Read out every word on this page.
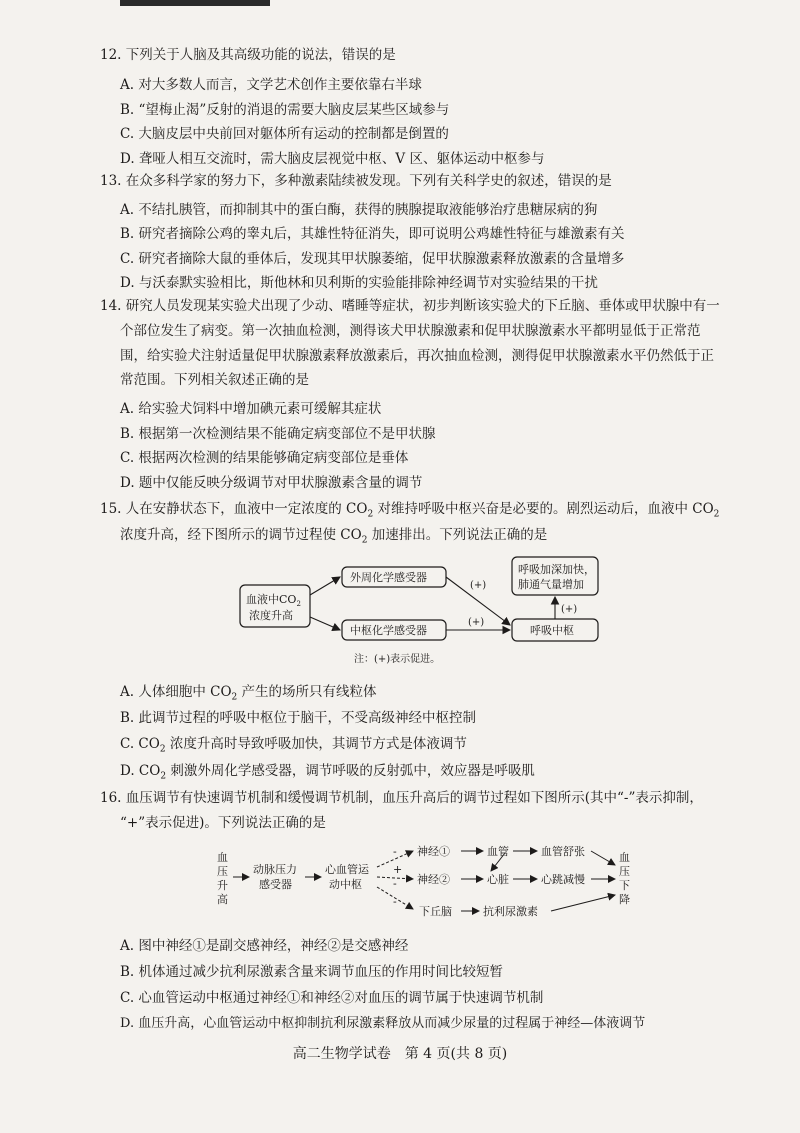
12. 下列关于人脑及其高级功能的说法，错误的是
A. 对大多数人而言，文学艺术创作主要依靠右半球
B. “望梅止渴”反射的消退的需要大脑皮层某些区域参与
C. 大脑皮层中央前回对躯体所有运动的控制都是倒置的
D. 聋哑人相互交流时，需大脑皮层视觉中枢、V 区、躯体运动中枢参与
13. 在众多科学家的努力下，多种激素陆续被发现。下列有关科学史的叙述，错误的是
A. 不结扎胰管，而抑制其中的蛋白酶，获得的胰腺提取液能够治疗患糖尿病的狗
B. 研究者摘除公鸡的睾丸后，其雄性特征消失，即可说明公鸡雄性特征与雄激素有关
C. 研究者摘除大鼠的垂体后，发现其甲状腺萎缩，促甲状腺激素释放激素的含量增多
D. 与沃泰默实验相比，斯他林和贝利斯的实验能排除神经调节对实验结果的干扰
14. 研究人员发现某实验犬出现了少动、嗜睡等症状，初步判断该实验犬的下丘脑、垂体或甲状腺中有一
个部位发生了病变。第一次抽血检测，测得该犬甲状腺激素和促甲状腺激素水平都明显低于正常范
围，给实验犬注射适量促甲状腺激素释放激素后，再次抽血检测，测得促甲状腺激素水平仍然低于正
常范围。下列相关叙述正确的是
A. 给实验犬饲料中增加碘元素可缓解其症状
B. 根据第一次检测结果不能确定病变部位不是甲状腺
C. 根据两次检测的结果能够确定病变部位是垂体
D. 题中仅能反映分级调节对甲状腺激素含量的调节
15. 人在安静状态下，血液中一定浓度的 $CO_2$ 对维持呼吸中枢兴奋是必要的。剧烈运动后，血液中 $CO_2$
浓度升高，经下图所示的调节过程使 $CO_2$ 加速排出。下列说法正确的是
血液中$CO_2$
浓度升高
外周化学感受器
中枢化学感受器
呼吸加深加快，
肺通气量增加
呼吸中枢
(+)
(+)
(+)
注：(+)表示促进。
A. 人体细胞中 $CO_2$ 产生的场所只有线粒体
B. 此调节过程的呼吸中枢位于脑干，不受高级神经中枢控制
C. $CO_2$ 浓度升高时导致呼吸加快，其调节方式是体液调节
D. $CO_2$ 刺激外周化学感受器，调节呼吸的反射弧中，效应器是呼吸肌
16. 血压调节有快速调节机制和缓慢调节机制，血压升高后的调节过程如下图所示(其中“-”表示抑制，
“+”表示促进)。下列说法正确的是
血
压
升
高
动脉压力
感受器
心血管运
动中枢
-
+
-
-
神经①	血管	血管舒张
神经②	心脏	心跳减慢
下丘脑	抗利尿激素
血
压
下
降
A. 图中神经①是副交感神经，神经②是交感神经
B. 机体通过减少抗利尿激素含量来调节血压的作用时间比较短暂
C. 心血管运动中枢通过神经①和神经②对血压的调节属于快速调节机制
D. 血压升高，心血管运动中枢抑制抗利尿激素释放从而减少尿量的过程属于神经—体液调节
高二生物学试卷　第 4 页(共 8 页)
